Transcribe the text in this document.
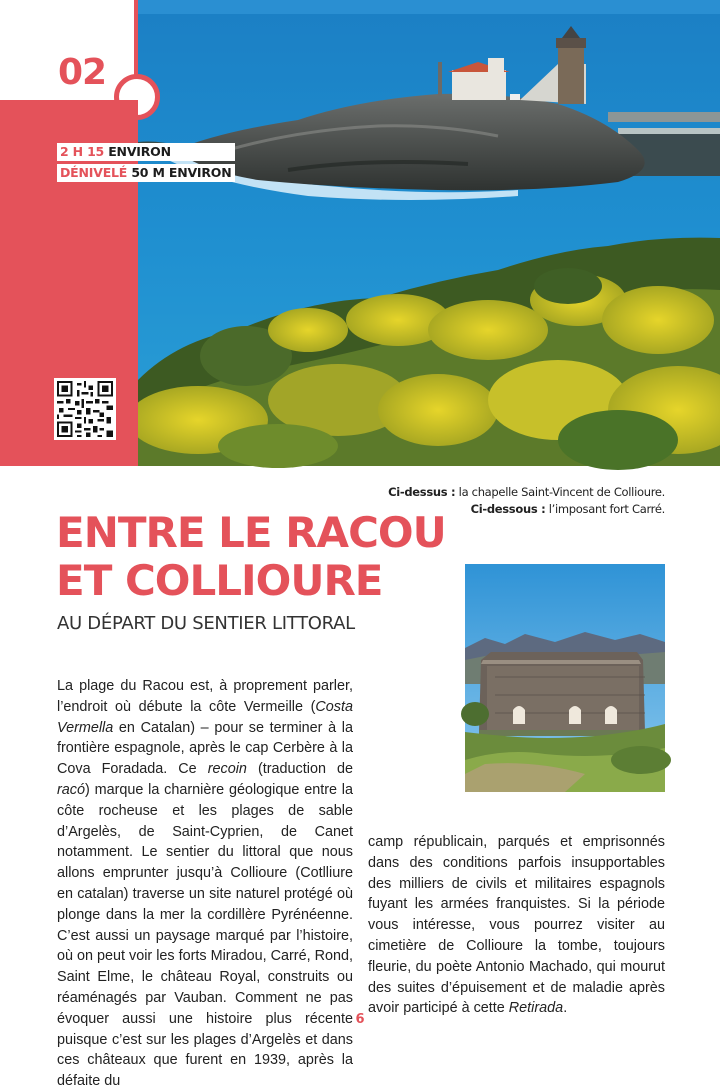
02
2 H 15 ENVIRON
DÉNIVELÉ 50 M ENVIRON
Ci-dessus : la chapelle Saint-Vincent de Collioure.
Ci-dessous : l’imposant fort Carré.
ENTRE LE RACOU
ET COLLIOURE
AU DÉPART DU SENTIER LITTORAL

La plage du Racou est, à proprement parler, l’endroit où débute la côte Vermeille (Costa Vermella en Catalan) – pour se terminer à la frontière espagnole, après le cap Cerbère à la Cova Foradada. Ce recoin (traduction de racó) marque la charnière géologique entre la côte rocheuse et les plages de sable d’Argelès, de Saint-Cyprien, de Canet notamment. Le sentier du littoral que nous allons emprunter jusqu’à Collioure (Cotlliure en catalan) traverse un site naturel protégé où plonge dans la mer la cordillère Pyrénéenne. C’est aussi un paysage marqué par l’histoire, où on peut voir les forts Miradou, Carré, Rond, Saint Elme, le château Royal, construits ou réaménagés par Vauban. Comment ne pas évoquer aussi une histoire plus récente puisque c’est sur les plages d’Argelès et dans ces châteaux que furent en 1939, après la défaite du

camp républicain, parqués et emprisonnés dans des conditions parfois insupportables des milliers de civils et militaires espagnols fuyant les armées franquistes. Si la période vous intéresse, vous pourrez visiter au cimetière de Collioure la tombe, toujours fleurie, du poète Antonio Machado, qui mourut des suites d’épuisement et de maladie après avoir participé à cette Retirada.

6
